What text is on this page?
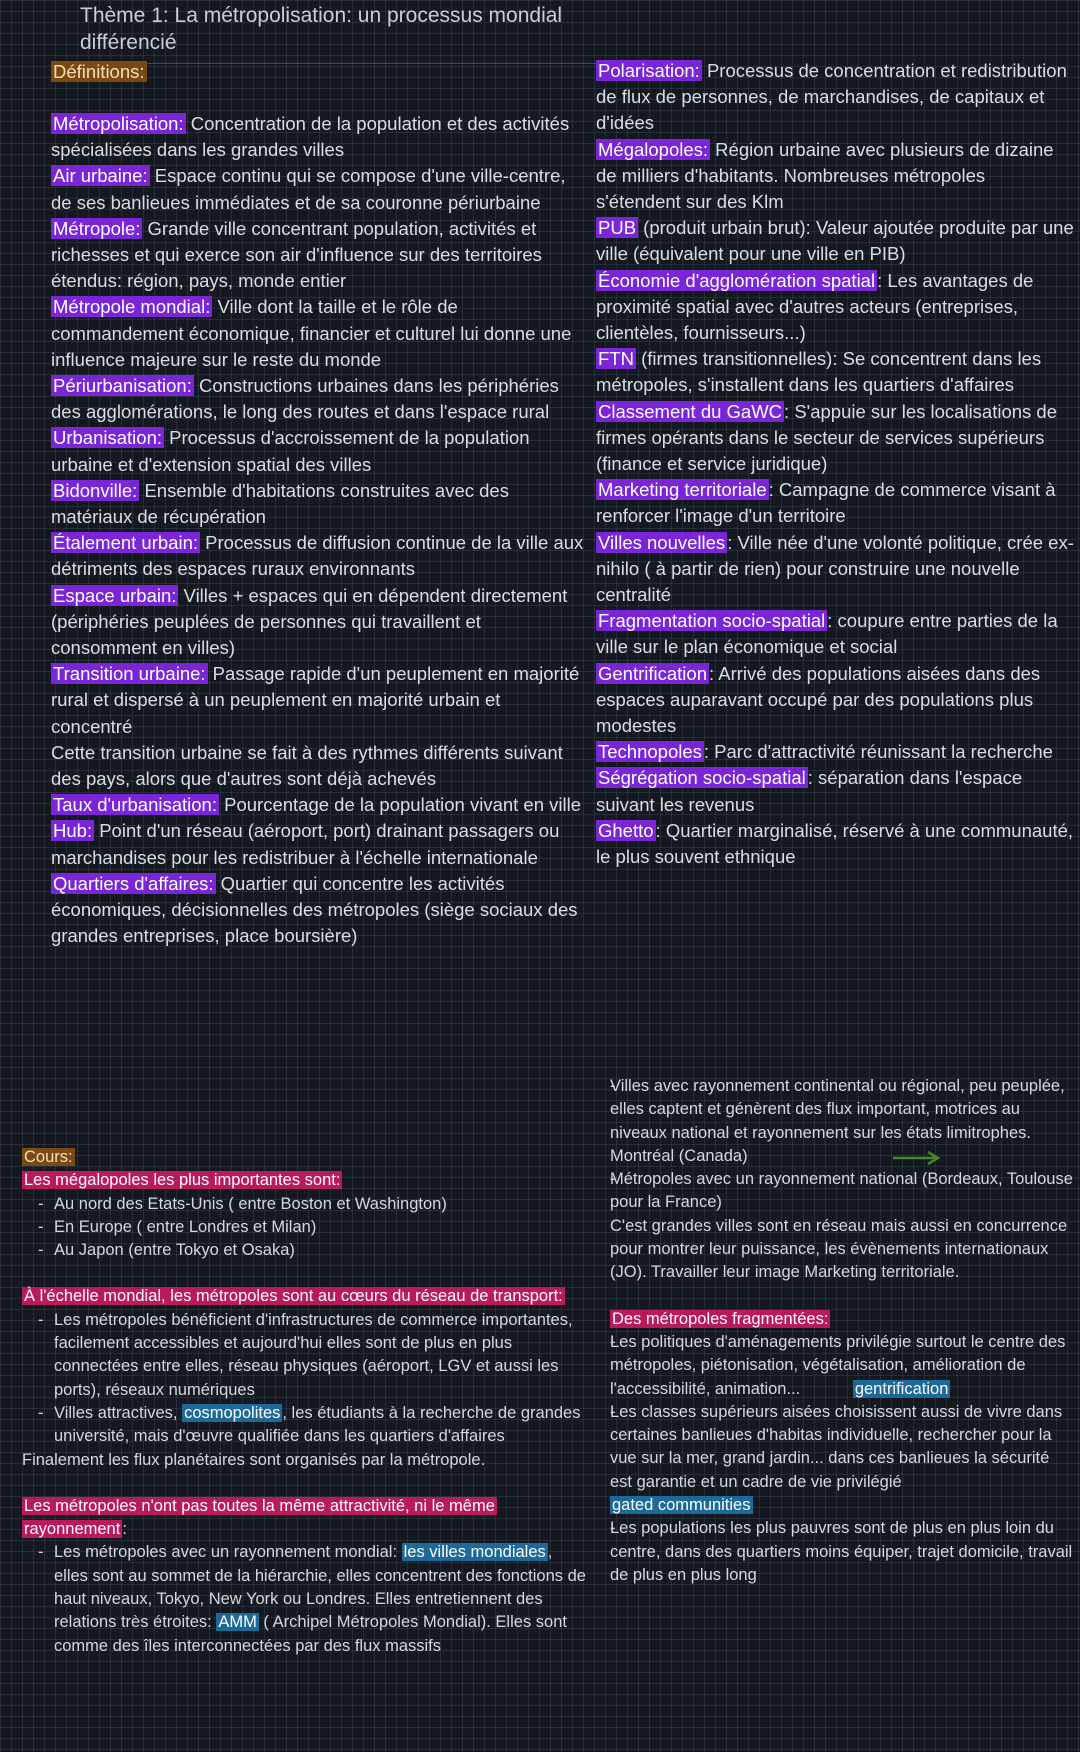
Thème 1: La métropolisation: un processus mondial différencié
Définitions:
Métropolisation: Concentration de la population et des activités spécialisées dans les grandes villes
Air urbaine: Espace continu qui se compose d'une ville-centre, de ses banlieues immédiates et de sa couronne périurbaine
Métropole: Grande ville concentrant population, activités et richesses et qui exerce son air d'influence sur des territoires étendus: région, pays, monde entier
Métropole mondial: Ville dont la taille et le rôle de commandement économique, financier et culturel lui donne une influence majeure sur le reste du monde
Périurbanisation: Constructions urbaines dans les périphéries des agglomérations, le long des routes et dans l'espace rural
Urbanisation: Processus d'accroissement de la population urbaine et d'extension spatial des villes
Bidonville: Ensemble d'habitations construites avec des matériaux de récupération
Étalement urbain: Processus de diffusion continue de la ville aux détriments des espaces ruraux environnants
Espace urbain: Villes + espaces qui en dépendent directement (périphéries peuplées de personnes qui travaillent et consomment en villes)
Transition urbaine: Passage rapide d'un peuplement en majorité rural et dispersé à un peuplement en majorité urbain et concentré
Cette transition urbaine se fait à des rythmes différents suivant des pays, alors que d'autres sont déjà achevés
Taux d'urbanisation: Pourcentage de la population vivant en ville
Hub: Point d'un réseau (aéroport, port) drainant passagers ou marchandises pour les redistribuer à l'échelle internationale
Quartiers d'affaires: Quartier qui concentre les activités économiques, décisionnelles des métropoles (siège sociaux des grandes entreprises, place boursière)
Polarisation: Processus de concentration et redistribution de flux de personnes, de marchandises, de capitaux et d'idées
Mégalopoles: Région urbaine avec plusieurs de dizaine de milliers d'habitants. Nombreuses métropoles s'étendent sur des Klm
PUB (produit urbain brut): Valeur ajoutée produite par une ville (équivalent pour une ville en PIB)
Économie d'agglomération spatial : Les avantages de proximité spatial avec d'autres acteurs (entreprises, clientèles, fournisseurs...)
FTN (firmes transitionnelles): Se concentrent dans les métropoles, s'installent dans les quartiers d'affaires
Classement du GaWC : S'appuie sur les localisations de firmes opérants dans le secteur de services supérieurs (finance et service juridique)
Marketing territoriale : Campagne de commerce visant à renforcer l'image d'un territoire
Villes nouvelles : Ville née d'une volonté politique, crée ex-nihilo ( à partir de rien) pour construire une nouvelle centralité
Fragmentation socio-spatial : coupure entre parties de la ville sur le plan économique et social
Gentrification : Arrivé des populations aisées dans des espaces auparavant occupé par des populations plus modestes
Technopoles : Parc d'attractivité réunissant la recherche
Ségrégation socio-spatial : séparation dans l'espace suivant les revenus
Ghetto : Quartier marginalisé, réservé à une communauté, le plus souvent ethnique
Cours:
Les mégalopoles les plus importantes sont:
- Au nord des Etats-Unis ( entre Boston et Washington)
- En Europe ( entre Londres et Milan)
- Au Japon (entre Tokyo et Osaka)
À l'échelle mondial, les métropoles sont au cœurs du réseau de transport:
- Les métropoles bénéficient d'infrastructures de commerce importantes, facilement accessibles et aujourd'hui elles sont de plus en plus connectées entre elles, réseau physiques (aéroport, LGV et aussi les ports), réseaux numériques
- Villes attractives, cosmopolites , les étudiants à la recherche de grandes université, mais d'œuvre qualifiée dans les quartiers d'affaires
Finalement les flux planétaires sont organisés par la métropole.
Les métropoles n'ont pas toutes la même attractivité, ni le même rayonnement :
- Les métropoles avec un rayonnement mondial: les villes mondiales , elles sont au sommet de la hiérarchie, elles concentrent des fonctions de haut niveaux, Tokyo, New York ou Londres. Elles entretiennent des relations très étroites: AMM ( Archipel Métropoles Mondial). Elles sont comme des îles interconnectées par des flux massifs
- Villes avec rayonnement continental ou régional, peu peuplée, elles captent et génèrent des flux important, motrices au niveaux national et rayonnement sur les états limitrophes. Montréal (Canada)
- Métropoles avec un rayonnement national (Bordeaux, Toulouse pour la France)
C'est grandes villes sont en réseau mais aussi en concurrence pour montrer leur puissance, les évènements internationaux (JO). Travailler leur image Marketing territoriale.
Des métropoles fragmentées:
- Les politiques d'aménagements privilégie surtout le centre des métropoles, piétonisation, végétalisation, amélioration de l'accessibilité, animation...	gentrification
- Les classes supérieurs aisées choisissent aussi de vivre dans certaines banlieues d'habitas individuelle, rechercher pour la vue sur la mer, grand jardin... dans ces banlieues la sécurité est garantie et un cadre de vie privilégié
gated communities
- Les populations les plus pauvres sont de plus en plus loin du centre, dans des quartiers moins équiper, trajet domicile, travail de plus en plus long
